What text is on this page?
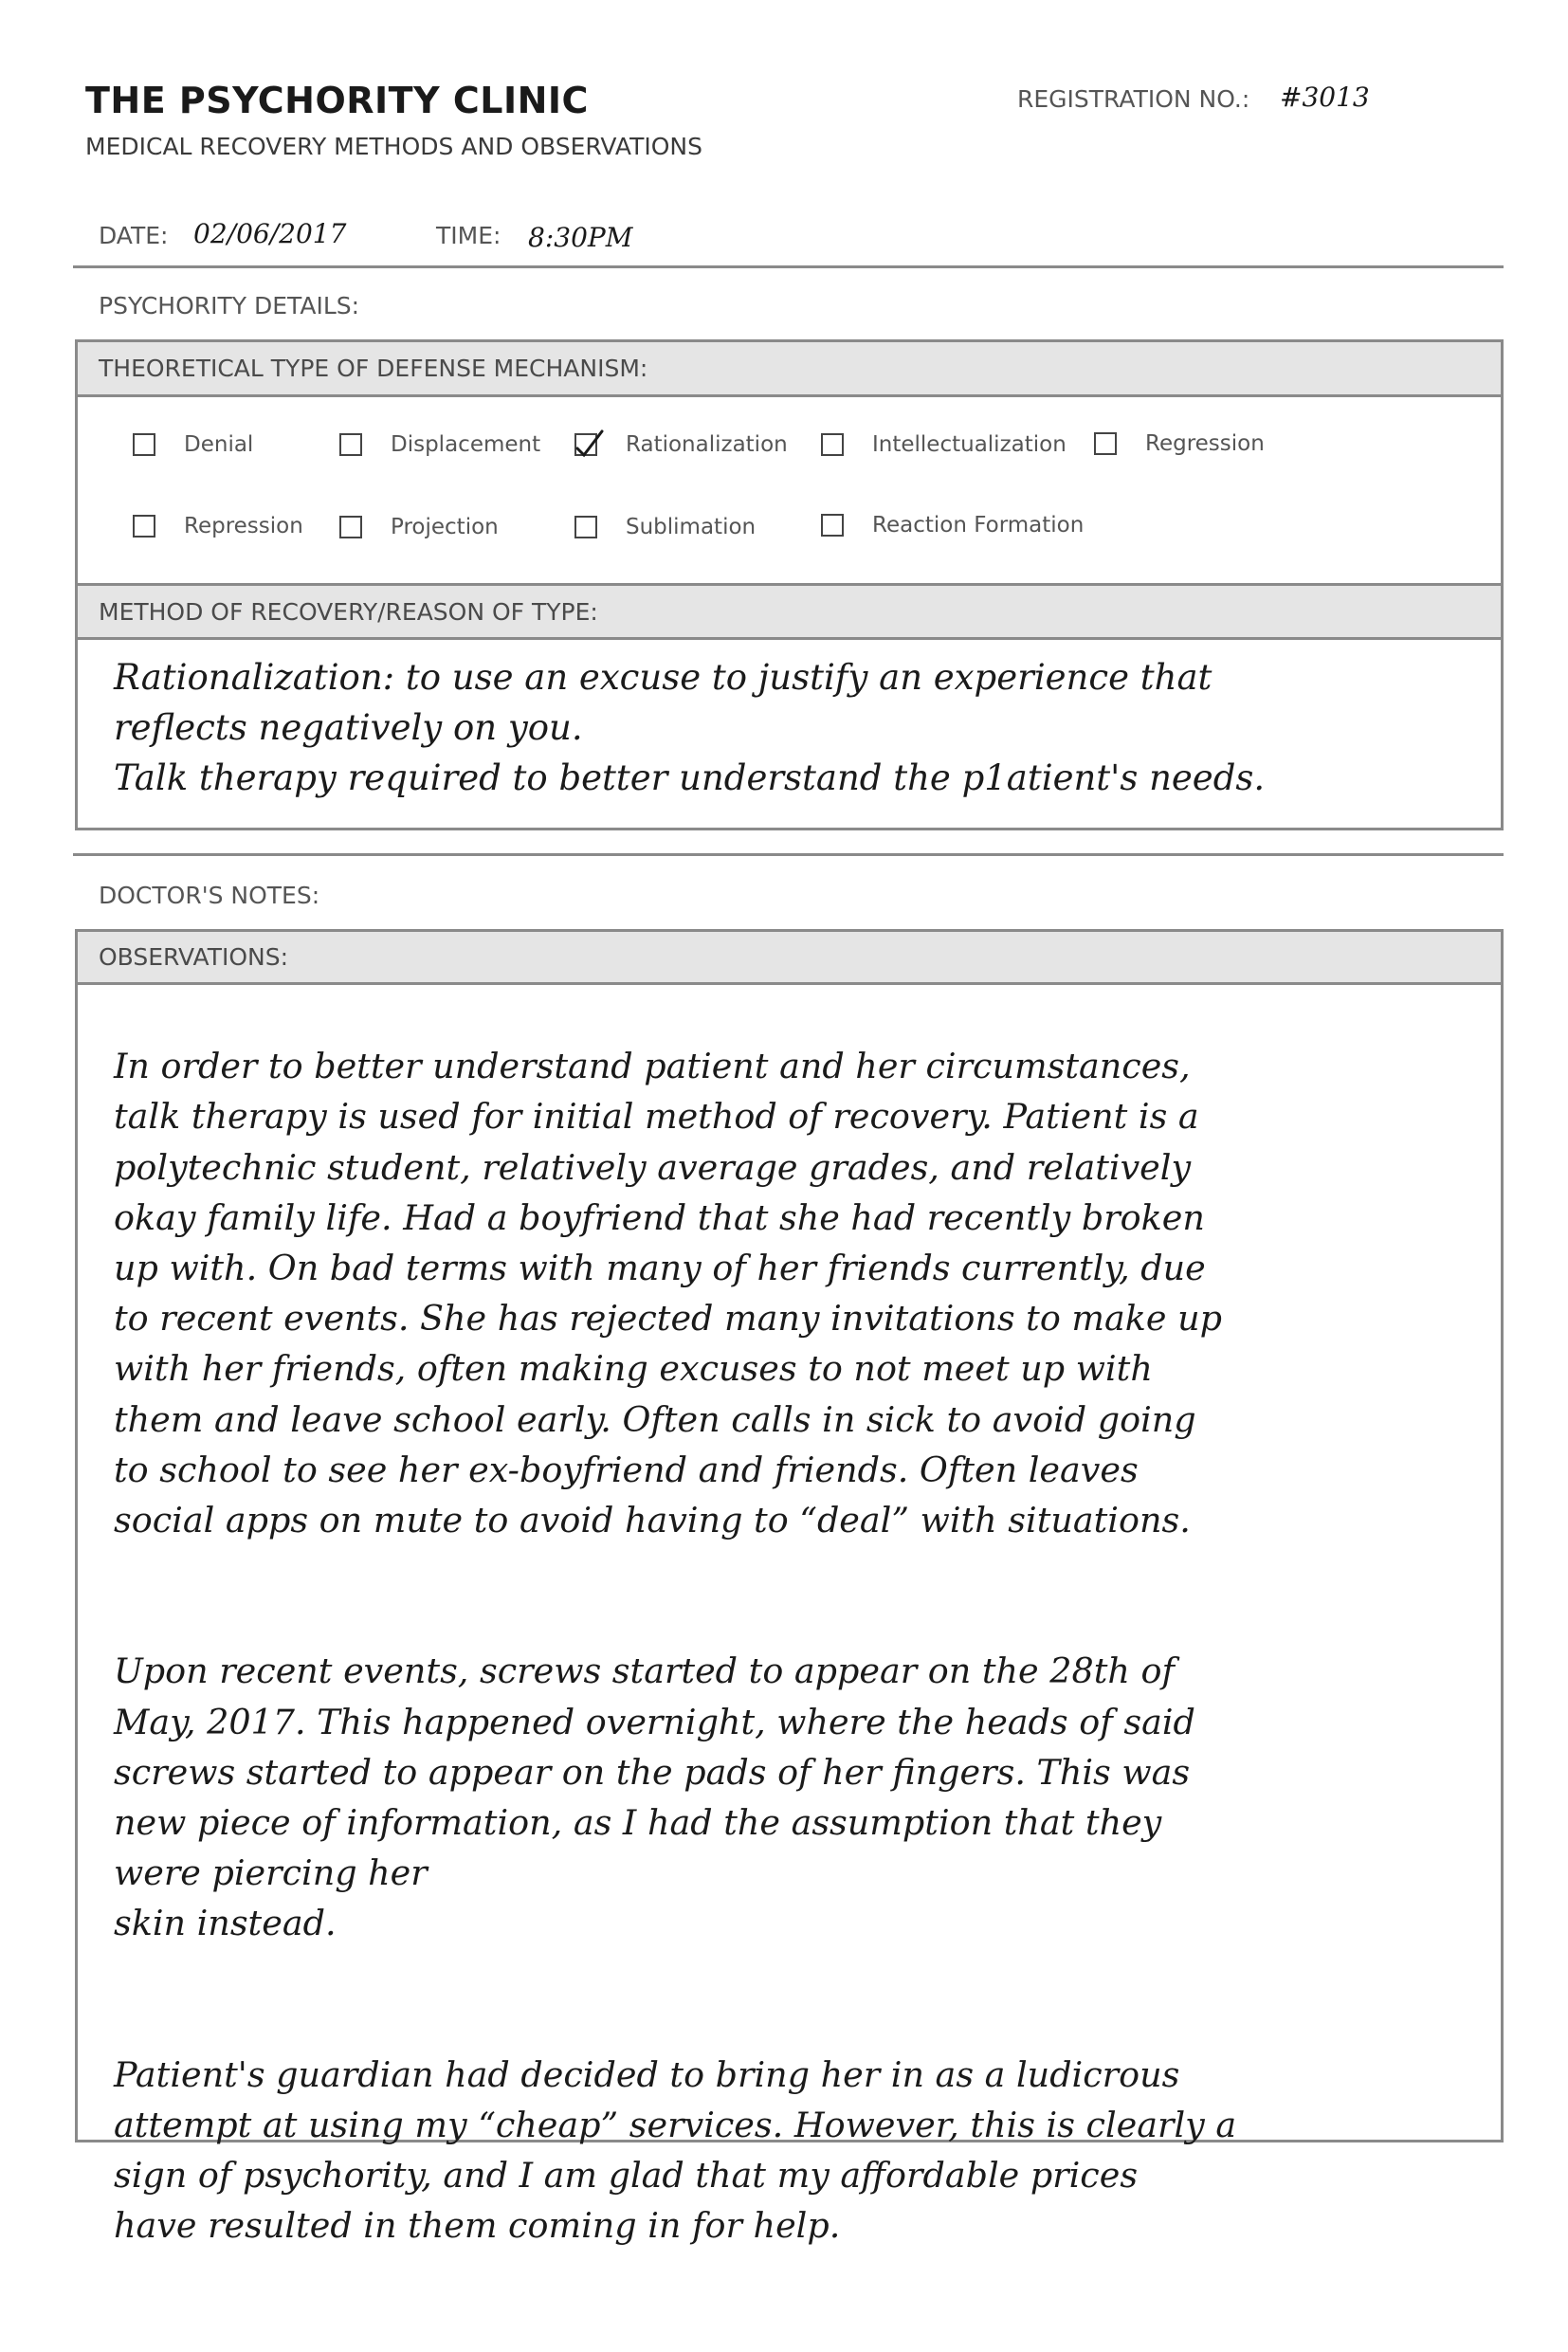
THE PSYCHORITY CLINIC
MEDICAL RECOVERY METHODS AND OBSERVATIONS
REGISTRATION NO.: #3013
DATE: 02/06/2017	TIME: 8:30PM
PSYCHORITY DETAILS:
THEORETICAL TYPE OF DEFENSE MECHANISM:
Denial	Displacement	Rationalization	Intellectualization	Regression
Repression	Projection	Sublimation	Reaction Formation
METHOD OF RECOVERY/REASON OF TYPE:
Rationalization: to use an excuse to justify an experience that
reflects negatively on you.
Talk therapy required to better understand the p1atient's needs.
DOCTOR'S NOTES:
OBSERVATIONS:

In order to better understand patient and her circumstances,
talk therapy is used for initial method of recovery. Patient is a
polytechnic student, relatively average grades, and relatively
okay family life. Had a boyfriend that she had recently broken
up with. On bad terms with many of her friends currently, due
to recent events. She has rejected many invitations to make up
with her friends, often making excuses to not meet up with
them and leave school early. Often calls in sick to avoid going
to school to see her ex-boyfriend and friends. Often leaves
social apps on mute to avoid having to “deal” with situations.

Upon recent events, screws started to appear on the 28th of
May, 2017. This happened overnight, where the heads of said
screws started to appear on the pads of her fingers. This was
new piece of information, as I had the assumption that they
were piercing her
skin instead.

Patient's guardian had decided to bring her in as a ludicrous
attempt at using my “cheap” services. However, this is clearly a
sign of psychority, and I am glad that my affordable prices
have resulted in them coming in for help.
